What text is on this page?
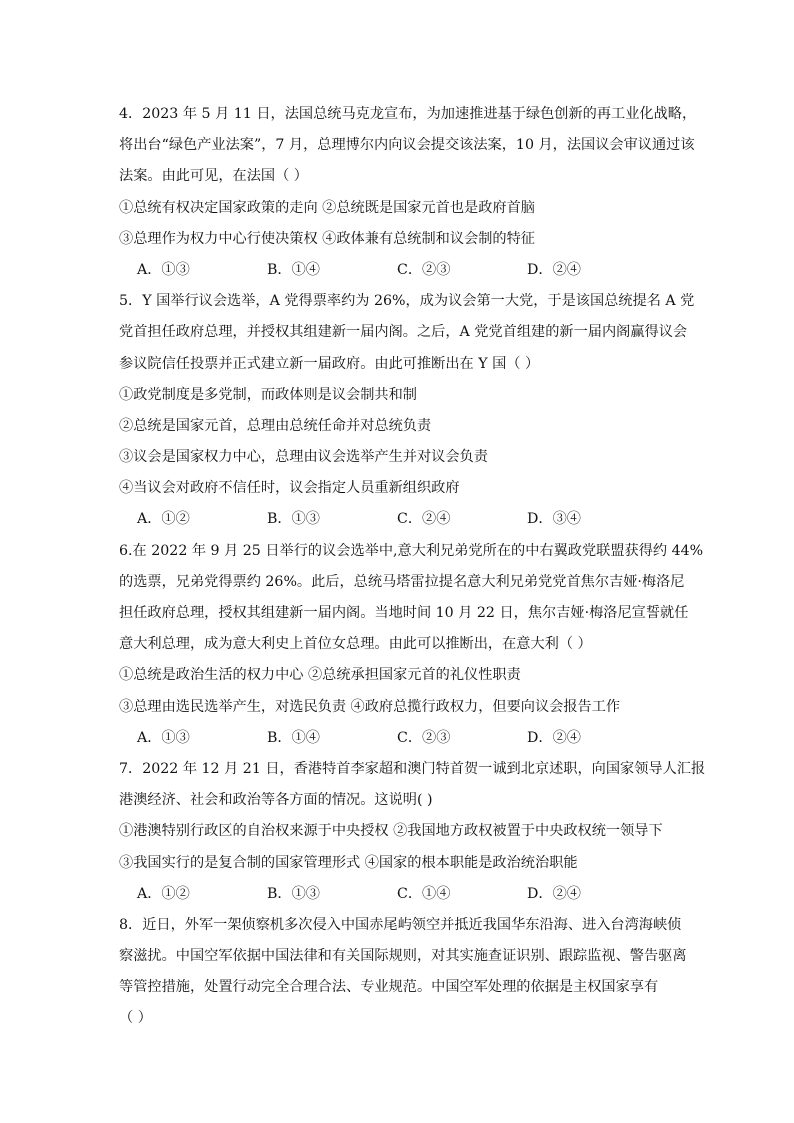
4．2023 年 5 月 11 日，法国总统马克龙宣布，为加速推进基于绿色创新的再工业化战略，
将出台“绿色产业法案”，7 月，总理博尔内向议会提交该法案，10 月，法国议会审议通过该
法案。由此可见，在法国（ ）
①总统有权决定国家政策的走向 ②总统既是国家元首也是政府首脑
③总理作为权力中心行使决策权 ④政体兼有总统制和议会制的特征
A．①③	B．①④	C．②③	D．②④
5．Y 国举行议会选举，A 党得票率约为 26%，成为议会第一大党，于是该国总统提名 A 党
党首担任政府总理，并授权其组建新一届内阁。之后，A 党党首组建的新一届内阁赢得议会
参议院信任投票并正式建立新一届政府。由此可推断出在 Y 国（ ）
①政党制度是多党制，而政体则是议会制共和制
②总统是国家元首，总理由总统任命并对总统负责
③议会是国家权力中心，总理由议会选举产生并对议会负责
④当议会对政府不信任时，议会指定人员重新组织政府
A．①②	B．①③	C．②④	D．③④
6.在 2022 年 9 月 25 日举行的议会选举中,意大利兄弟党所在的中右翼政党联盟获得约 44%
的选票，兄弟党得票约 26%。此后，总统马塔雷拉提名意大利兄弟党党首焦尔吉娅·梅洛尼
担任政府总理，授权其组建新一届内阁。当地时间 10 月 22 日，焦尔吉娅·梅洛尼宣誓就任
意大利总理，成为意大利史上首位女总理。由此可以推断出，在意大利（ ）
①总统是政治生活的权力中心 ②总统承担国家元首的礼仪性职责
③总理由选民选举产生，对选民负责 ④政府总揽行政权力，但要向议会报告工作
A．①③	B．①④	C．②③	D．②④
7．2022 年 12 月 21 日，香港特首李家超和澳门特首贺一诚到北京述职，向国家领导人汇报
港澳经济、社会和政治等各方面的情况。这说明( )
①港澳特别行政区的自治权来源于中央授权 ②我国地方政权被置于中央政权统一领导下
③我国实行的是复合制的国家管理形式 ④国家的根本职能是政治统治职能
A．①②	B．①③	C．①④	D．②④
8．近日，外军一架侦察机多次侵入中国赤尾屿领空并抵近我国华东沿海、进入台湾海峡侦
察滋扰。中国空军依据中国法律和有关国际规则，对其实施查证识别、跟踪监视、警告驱离
等管控措施，处置行动完全合理合法、专业规范。中国空军处理的依据是主权国家享有
（ ）
